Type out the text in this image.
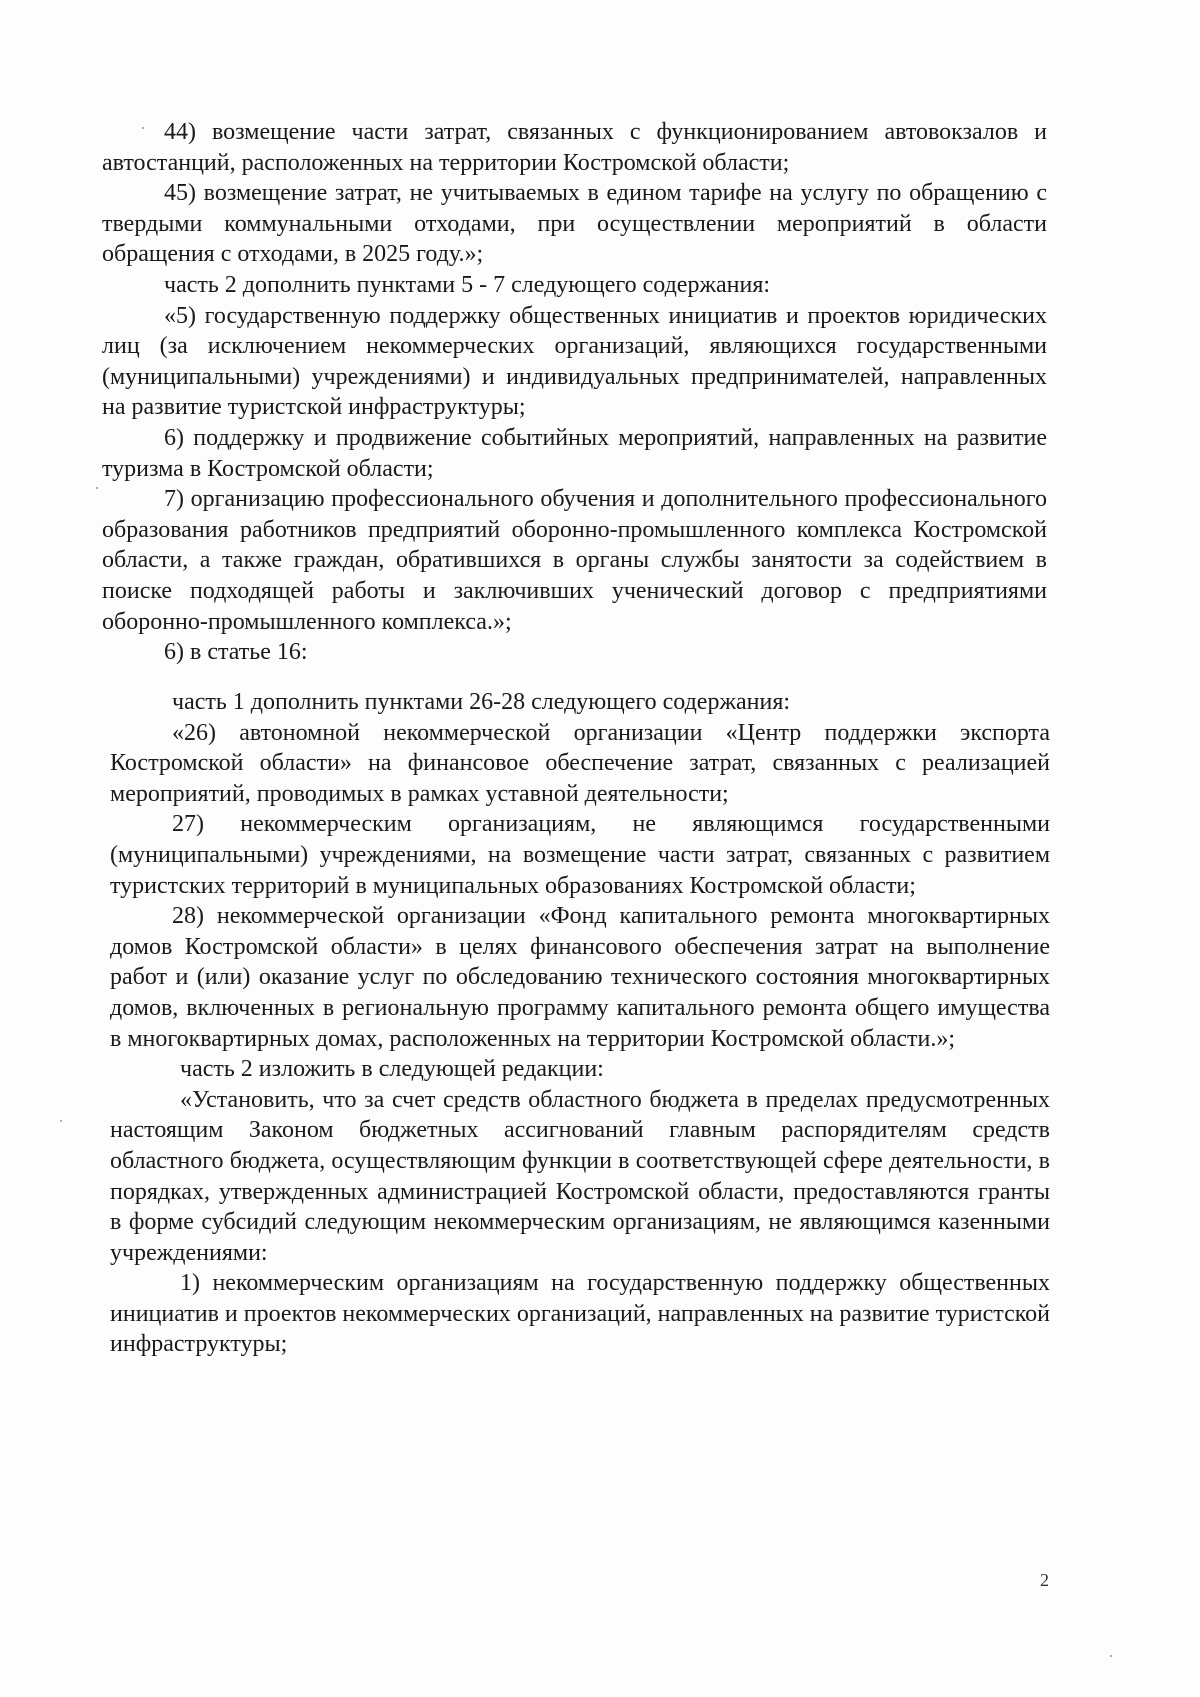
44) возмещение части затрат, связанных с функционированием автовокзалов и автостанций, расположенных на территории Костромской области;

45) возмещение затрат, не учитываемых в едином тарифе на услугу по обращению с твердыми коммунальными отходами, при осуществлении мероприятий в области обращения с отходами, в 2025 году.»;

часть 2 дополнить пунктами 5 - 7 следующего содержания:

«5) государственную поддержку общественных инициатив и проектов юридических лиц (за исключением некоммерческих организаций, являющихся государственными (муниципальными) учреждениями) и индивидуальных предпринимателей, направленных на развитие туристской инфраструктуры;

6) поддержку и продвижение событийных мероприятий, направленных на развитие туризма в Костромской области;

7) организацию профессионального обучения и дополнительного профессионального образования работников предприятий оборонно-промышленного комплекса Костромской области, а также граждан, обратившихся в органы службы занятости за содействием в поиске подходящей работы и заключивших ученический договор с предприятиями оборонно-промышленного комплекса.»;

6) в статье 16:

часть 1 дополнить пунктами 26-28 следующего содержания:

«26) автономной некоммерческой организации «Центр поддержки экспорта Костромской области» на финансовое обеспечение затрат, связанных с реализацией мероприятий, проводимых в рамках уставной деятельности;

27) некоммерческим организациям, не являющимся государственными (муниципальными) учреждениями, на возмещение части затрат, связанных с развитием туристских территорий в муниципальных образованиях Костромской области;

28) некоммерческой организации «Фонд капитального ремонта многоквартирных домов Костромской области» в целях финансового обеспечения затрат на выполнение работ и (или) оказание услуг по обследованию технического состояния многоквартирных домов, включенных в региональную программу капитального ремонта общего имущества в многоквартирных домах, расположенных на территории Костромской области.»;

часть 2 изложить в следующей редакции:

«Установить, что за счет средств областного бюджета в пределах предусмотренных настоящим Законом бюджетных ассигнований главным распорядителям средств областного бюджета, осуществляющим функции в соответствующей сфере деятельности, в порядках, утвержденных администрацией Костромской области, предоставляются гранты в форме субсидий следующим некоммерческим организациям, не являющимся казенными учреждениями:

1) некоммерческим организациям на государственную поддержку общественных инициатив и проектов некоммерческих организаций, направленных на развитие туристской инфраструктуры;

2
